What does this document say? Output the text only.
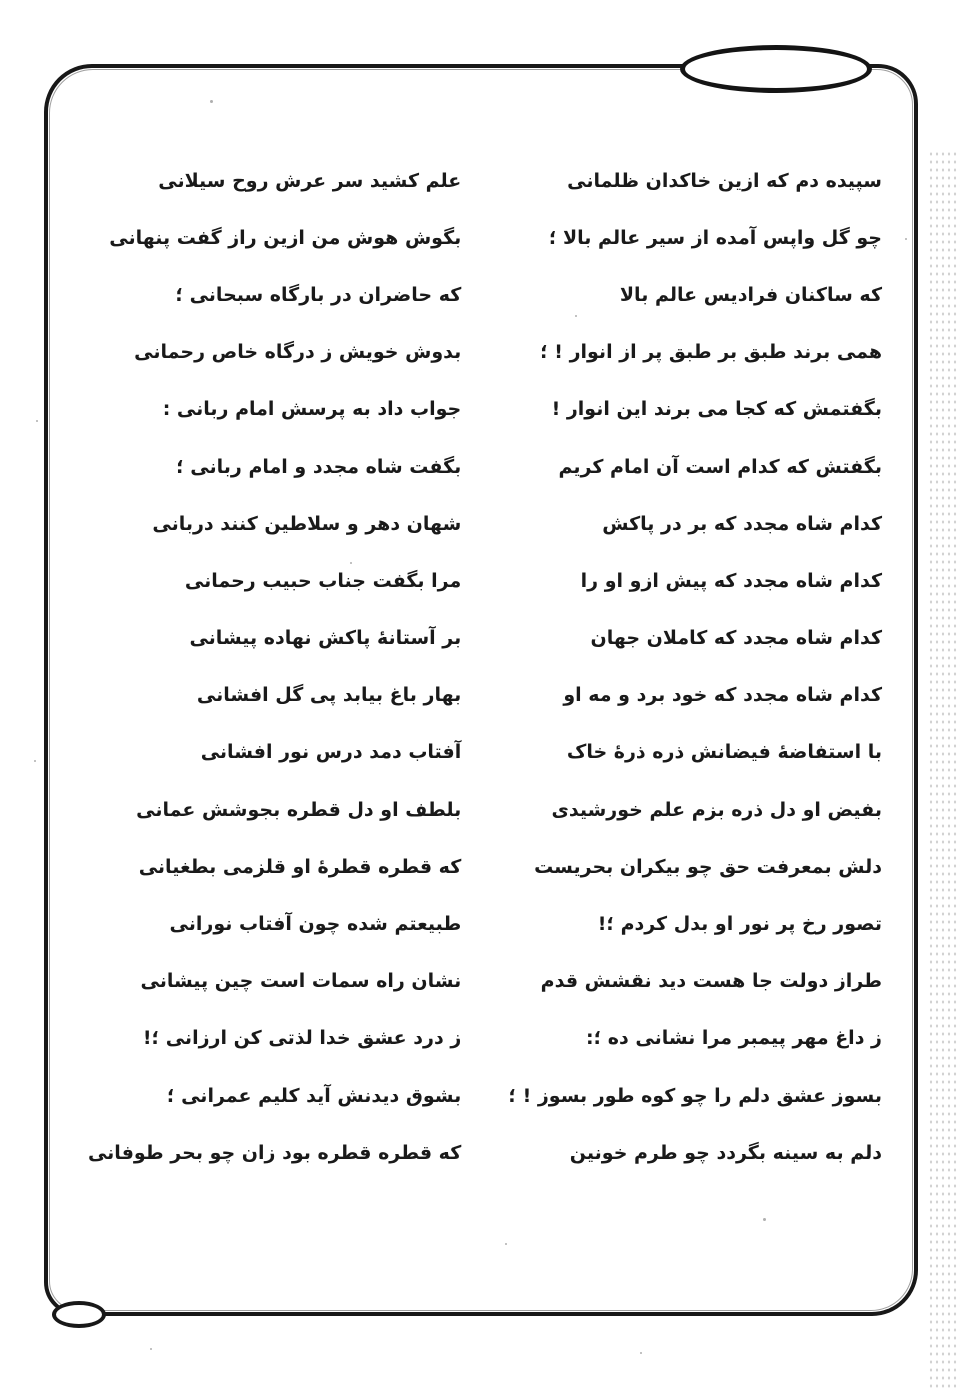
سپیده دم که ازین خاکدان ظلمانی
علم کشید سر عرش روح سیلانی
چو گل واپس آمده از سیر عالم بالا ؛
بگوش هوش من ازین راز گفت پنهانی
که ساکنان فرادیس عالم بالا
که حاضران در بارگاه سبحانی ؛
همی برند طبق بر طبق پر از انوار ! ؛
بدوش خویش ز درگاه خاص رحمانی
بگفتمش که کجا می برند این انوار !
جواب داد به پرسش امام ربانی :
بگفتش که کدام است آن امام کریم
بگفت شاه مجدد و امام ربانی ؛
کدام شاه مجدد که بر در پاکش
شهان دهر و سلاطین کنند دربانی
کدام شاه مجدد که پیش ازو او را
مرا بگفت جناب حبیب رحمانی
کدام شاه مجدد که کاملان جهان
بر آستانهٔ پاکش نهاده پیشانی
کدام شاه مجدد که خود برد و مه او
بهار باغ بیابد پی گل افشانی
با استفاضهٔ فیضانش ذره ذرهٔ خاک
آفتاب دمد درس نور افشانی
بفیض او دل ذره بزم علم خورشیدی
بلطف او دل قطره بجوشش عمانی
دلش بمعرفت حق چو بیکران بحریست
که قطره قطرهٔ او قلزمی بطغیانی
تصور رخ پر نور او بدل کردم ؛!
طبیعتم شده چون آفتاب نورانی
طراز دولت جا هست دید نقشش قدم
نشان راه سمات است چین پیشانی
ز داغ مهر پیمبر مرا نشانی ده ؛:
ز درد عشق خدا لذتی کن ارزانی ؛!
بسوز عشق دلم را چو کوه طور بسوز ! ؛
بشوق دیدنش آید کلیم عمرانی ؛
دلم به سینه بگردد چو طرم خونین
که قطره قطره بود زان چو بحر طوفانی
